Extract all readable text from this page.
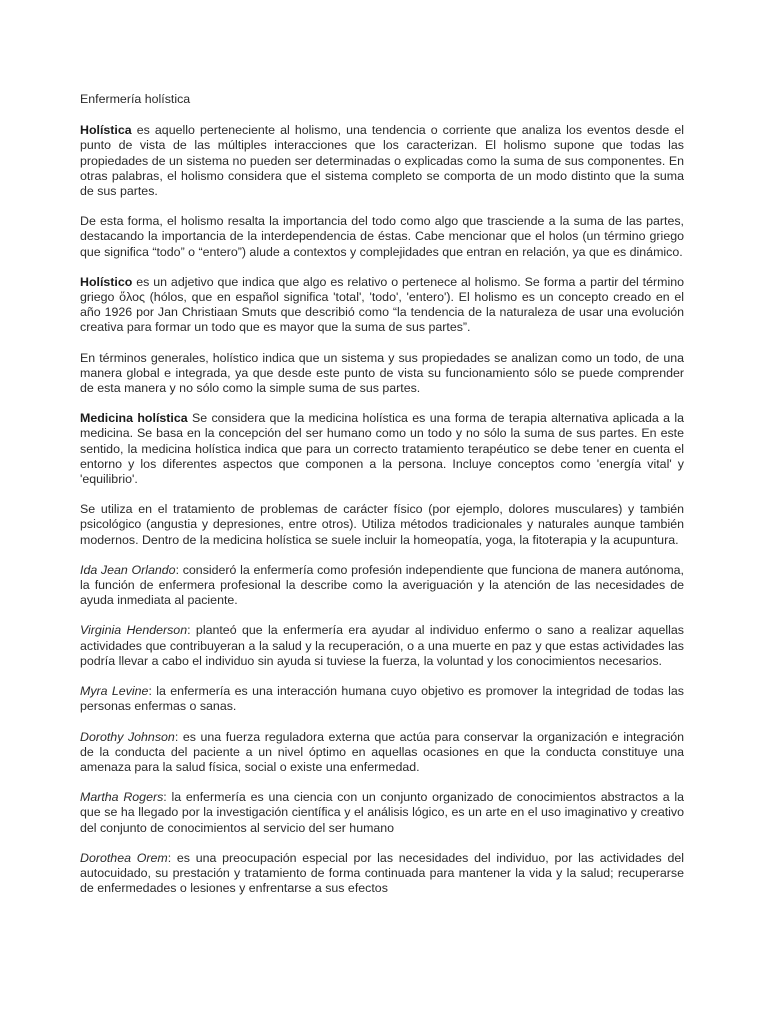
Enfermería holística

Holística es aquello perteneciente al holismo, una tendencia o corriente que analiza los eventos desde el punto de vista de las múltiples interacciones que los caracterizan. El holismo supone que todas las propiedades de un sistema no pueden ser determinadas o explicadas como la suma de sus componentes. En otras palabras, el holismo considera que el sistema completo se comporta de un modo distinto que la suma de sus partes.

De esta forma, el holismo resalta la importancia del todo como algo que trasciende a la suma de las partes, destacando la importancia de la interdependencia de éstas. Cabe mencionar que el holos (un término griego que significa “todo” o “entero”) alude a contextos y complejidades que entran en relación, ya que es dinámico.

Holístico es un adjetivo que indica que algo es relativo o pertenece al holismo. Se forma a partir del término griego ὅλος (hólos, que en español significa 'total', 'todo', 'entero'). El holismo es un concepto creado en el año 1926 por Jan Christiaan Smuts que describió como “la tendencia de la naturaleza de usar una evolución creativa para formar un todo que es mayor que la suma de sus partes”.

En términos generales, holístico indica que un sistema y sus propiedades se analizan como un todo, de una manera global e integrada, ya que desde este punto de vista su funcionamiento sólo se puede comprender de esta manera y no sólo como la simple suma de sus partes.

Medicina holística Se considera que la medicina holística es una forma de terapia alternativa aplicada a la medicina. Se basa en la concepción del ser humano como un todo y no sólo la suma de sus partes. En este sentido, la medicina holística indica que para un correcto tratamiento terapéutico se debe tener en cuenta el entorno y los diferentes aspectos que componen a la persona. Incluye conceptos como 'energía vital' y 'equilibrio'.

Se utiliza en el tratamiento de problemas de carácter físico (por ejemplo, dolores musculares) y también psicológico (angustia y depresiones, entre otros). Utiliza métodos tradicionales y naturales aunque también modernos. Dentro de la medicina holística se suele incluir la homeopatía, yoga, la fitoterapia y la acupuntura.

Ida Jean Orlando: consideró la enfermería como profesión independiente que funciona de manera autónoma, la función de enfermera profesional la describe como la averiguación y la atención de las necesidades de ayuda inmediata al paciente.

Virginia Henderson: planteó que la enfermería era ayudar al individuo enfermo o sano a realizar aquellas actividades que contribuyeran a la salud y la recuperación, o a una muerte en paz y que estas actividades las podría llevar a cabo el individuo sin ayuda si tuviese la fuerza, la voluntad y los conocimientos necesarios.

Myra Levine: la enfermería es una interacción humana cuyo objetivo es promover la integridad de todas las personas enfermas o sanas.

Dorothy Johnson: es una fuerza reguladora externa que actúa para conservar la organización e integración de la conducta del paciente a un nivel óptimo en aquellas ocasiones en que la conducta constituye una amenaza para la salud física, social o existe una enfermedad.

Martha Rogers: la enfermería es una ciencia con un conjunto organizado de conocimientos abstractos a la que se ha llegado por la investigación científica y el análisis lógico, es un arte en el uso imaginativo y creativo del conjunto de conocimientos al servicio del ser humano

Dorothea Orem: es una preocupación especial por las necesidades del individuo, por las actividades del autocuidado, su prestación y tratamiento de forma continuada para mantener la vida y la salud; recuperarse de enfermedades o lesiones y enfrentarse a sus efectos
